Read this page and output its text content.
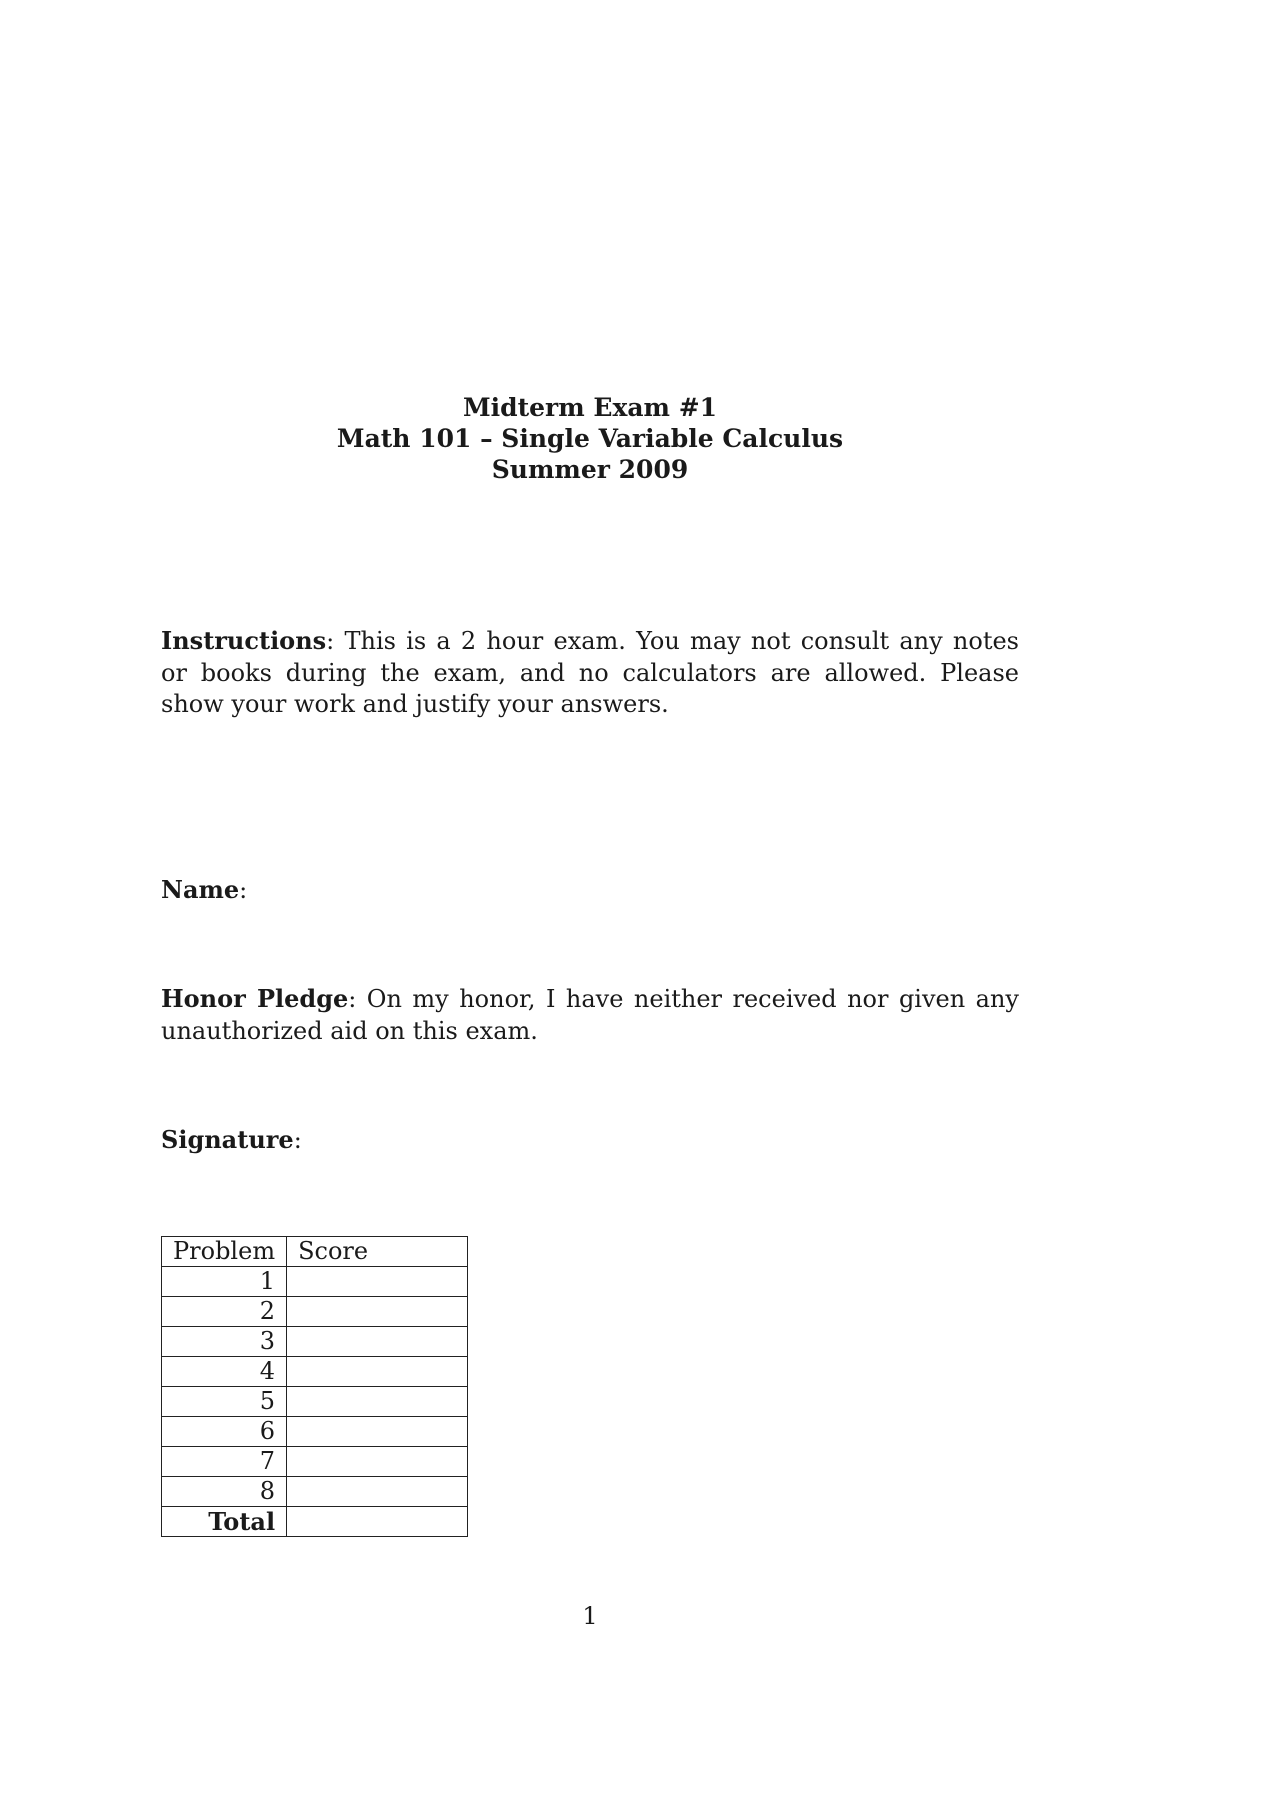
Midterm Exam #1
Math 101 – Single Variable Calculus
Summer 2009
Instructions: This is a 2 hour exam. You may not consult any notes or books during the exam, and no calculators are allowed. Please show your work and justify your answers.
Name:
Honor Pledge: On my honor, I have neither received nor given any unauthorized aid on this exam.
Signature:
Problem	Score
1	
2	
3	
4	
5	
6	
7	
8	
Total	
1
